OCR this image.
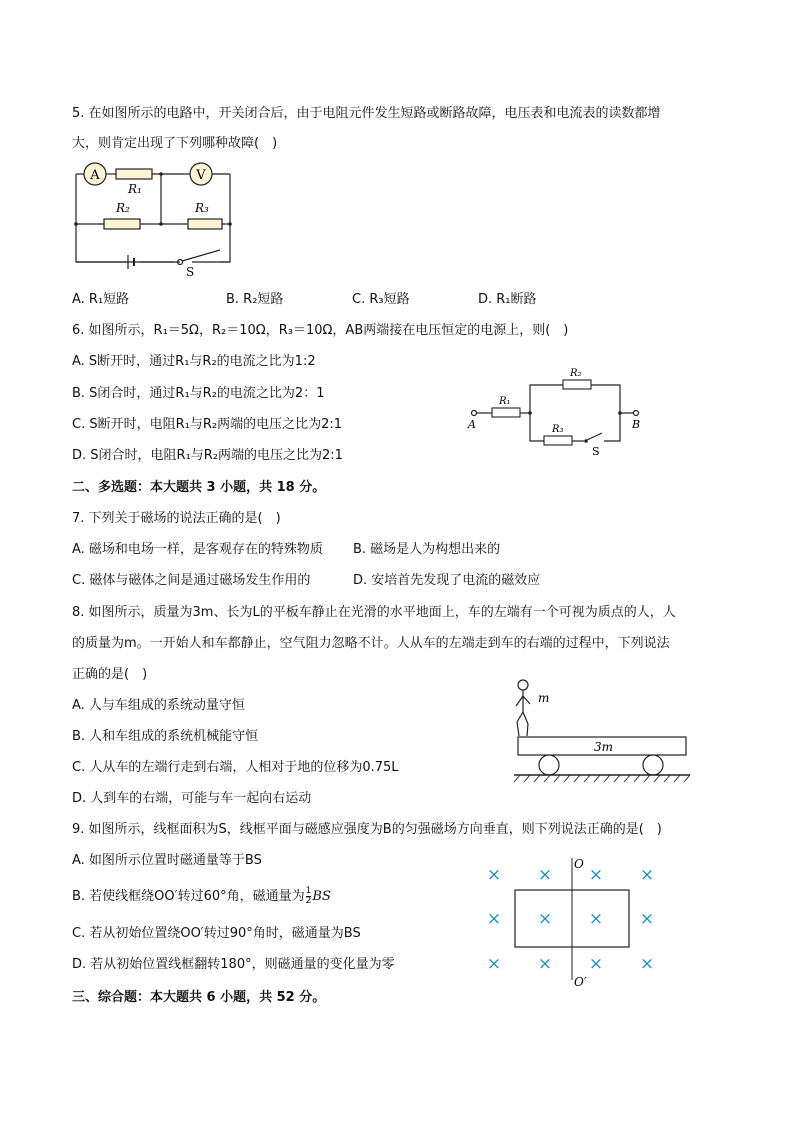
5. 在如图所示的电路中，开关闭合后，由于电阻元件发生短路或断路故障，电压表和电流表的读数都增
大，则肯定出现了下列哪种故障(　)
A
R₁
V
R₂	R₃
S
A. R₁短路	B. R₂短路	C. R₃短路	D. R₁断路
6. 如图所示，R₁＝5Ω，R₂＝10Ω，R₃＝10Ω，AB两端接在电压恒定的电源上，则(　)
A. S断开时，通过R₁与R₂的电流之比为1:2
B. S闭合时，通过R₁与R₂的电流之比为2：1
C. S断开时，电阻R₁与R₂两端的电压之比为2:1
D. S闭合时，电阻R₁与R₂两端的电压之比为2:1
A
R₁
R₂
R₃
S
B
二、多选题：本大题共 3 小题，共 18 分。
7. 下列关于磁场的说法正确的是(　)
A. 磁场和电场一样，是客观存在的特殊物质 B. 磁场是人为构想出来的
C. 磁体与磁体之间是通过磁场发生作用的	D. 安培首先发现了电流的磁效应
8. 如图所示，质量为3m、长为L的平板车静止在光滑的水平地面上，车的左端有一个可视为质点的人，人
的质量为m。一开始人和车都静止，空气阻力忽略不计。人从车的左端走到车的右端的过程中，下列说法
正确的是(　)
A. 人与车组成的系统动量守恒
B. 人和车组成的系统机械能守恒
C. 人从车的左端行走到右端，人相对于地的位移为0.75L
D. 人到车的右端，可能与车一起向右运动
m
3m
9. 如图所示，线框面积为S，线框平面与磁感应强度为B的匀强磁场方向垂直，则下列说法正确的是(　)
A. 如图所示位置时磁通量等于BS
B. 若使线框绕OO′转过60°角，磁通量为 $\frac{1}{2}$ BS
C. 若从初始位置绕OO′转过90°角时，磁通量为BS
D. 若从初始位置线框翻转180°，则磁通量的变化量为零
O
O′
× × × ×
× × × ×
× × × ×
三、综合题：本大题共 6 小题，共 52 分。
